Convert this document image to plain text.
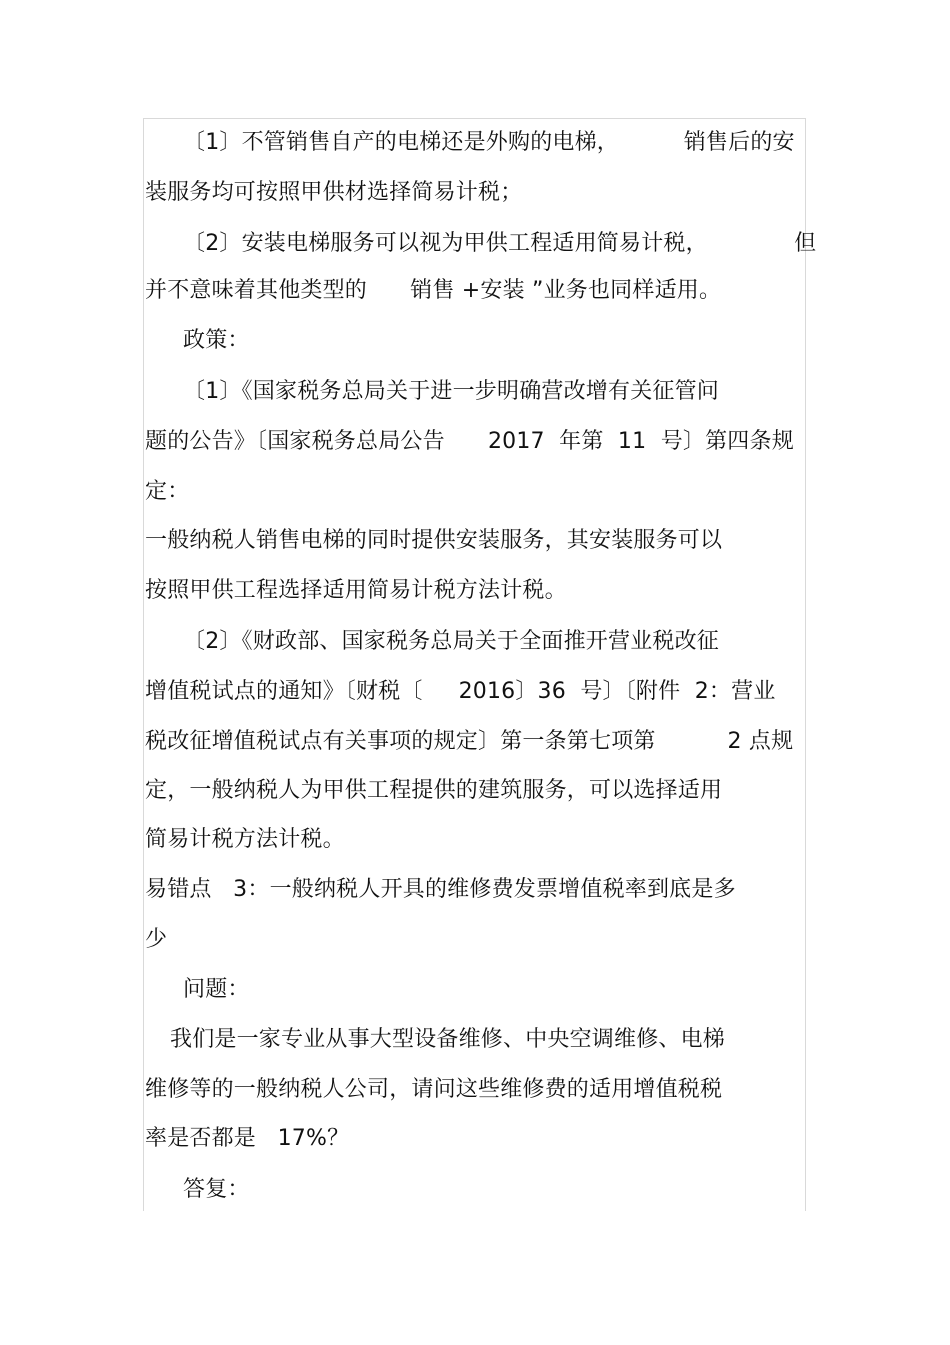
〔1〕不管销售自产的电梯还是外购的电梯，         销售后的安
装服务均可按照甲供材选择简易计税；
〔2〕安装电梯服务可以视为甲供工程适用简易计税，            但
并不意味着其他类型的      销售 +安装 ”业务也同样适用。
政策：
〔1〕《国家税务总局关于进一步明确营改增有关征管问
题的公告》〔国家税务总局公告      2017  年第  11  号〕第四条规
定：
一般纳税人销售电梯的同时提供安装服务，其安装服务可以
按照甲供工程选择适用简易计税方法计税。
〔2〕《财政部、国家税务总局关于全面推开营业税改征
增值税试点的通知》〔财税〔     2016〕36  号〕〔附件  2：营业
税改征增值税试点有关事项的规定〕第一条第七项第          2 点规
定，一般纳税人为甲供工程提供的建筑服务，可以选择适用
简易计税方法计税。
易错点   3：一般纳税人开具的维修费发票增值税率到底是多
少
问题：
我们是一家专业从事大型设备维修、中央空调维修、电梯
维修等的一般纳税人公司，请问这些维修费的适用增值税税
率是否都是   17%？
答复：
